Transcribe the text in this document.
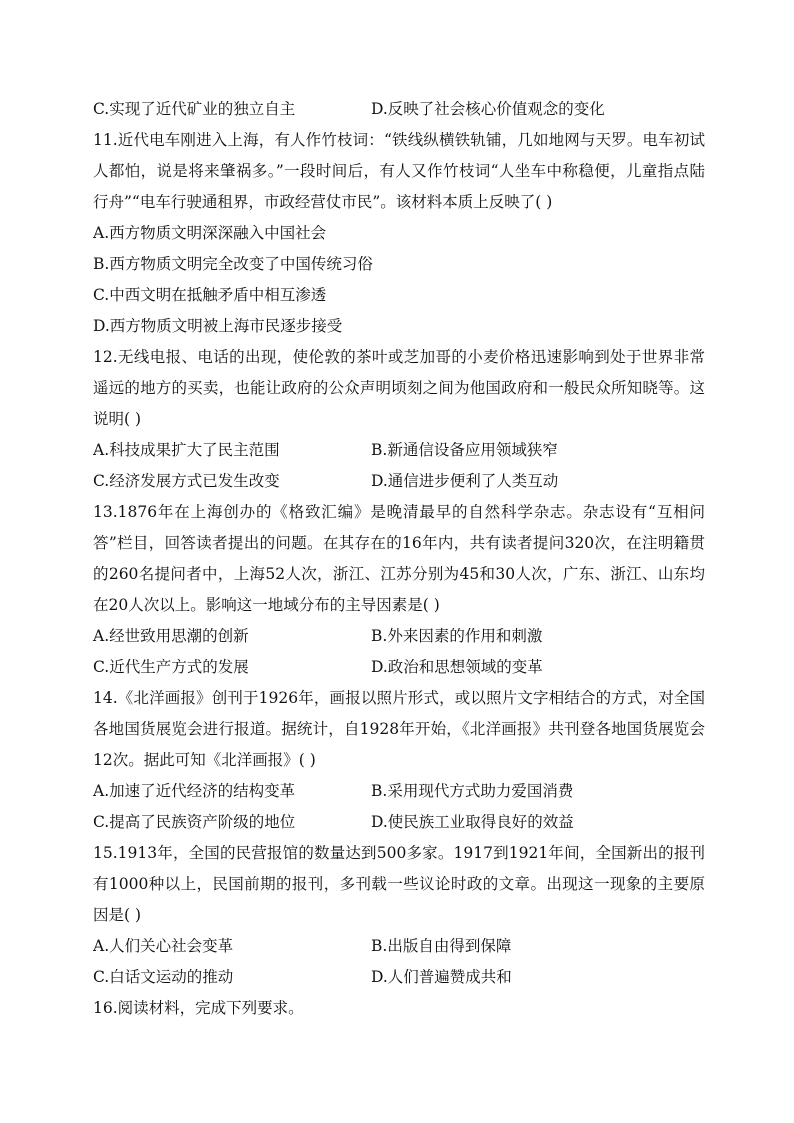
C.实现了近代矿业的独立自主	D.反映了社会核心价值观念的变化
11.近代电车刚进入上海，有人作竹枝词：“铁线纵横铁轨铺，几如地网与天罗。电车初试人都怕，说是将来肇祸多。”一段时间后，有人又作竹枝词“人坐车中称稳便，儿童指点陆行舟”“电车行驶通租界，市政经营仗市民”。该材料本质上反映了( )
A.西方物质文明深深融入中国社会
B.西方物质文明完全改变了中国传统习俗
C.中西文明在抵触矛盾中相互渗透
D.西方物质文明被上海市民逐步接受
12.无线电报、电话的出现，使伦敦的茶叶或芝加哥的小麦价格迅速影响到处于世界非常遥远的地方的买卖，也能让政府的公众声明顷刻之间为他国政府和一般民众所知晓等。这说明( )
A.科技成果扩大了民主范围	B.新通信设备应用领域狭窄
C.经济发展方式已发生改变	D.通信进步便利了人类互动
13.1876年在上海创办的《格致汇编》是晚清最早的自然科学杂志。杂志设有“互相问答”栏目，回答读者提出的问题。在其存在的16年内，共有读者提问320次，在注明籍贯的260名提问者中，上海52人次，浙江、江苏分别为45和30人次，广东、浙江、山东均在20人次以上。影响这一地域分布的主导因素是( )
A.经世致用思潮的创新	B.外来因素的作用和刺激
C.近代生产方式的发展	D.政治和思想领域的变革
14.《北洋画报》创刊于1926年，画报以照片形式，或以照片文字相结合的方式，对全国各地国货展览会进行报道。据统计，自1928年开始，《北洋画报》共刊登各地国货展览会12次。据此可知《北洋画报》( )
A.加速了近代经济的结构变革	B.采用现代方式助力爱国消费
C.提高了民族资产阶级的地位	D.使民族工业取得良好的效益
15.1913年，全国的民营报馆的数量达到500多家。1917到1921年间，全国新出的报刊有1000种以上，民国前期的报刊，多刊载一些议论时政的文章。出现这一现象的主要原因是( )
A.人们关心社会变革	B.出版自由得到保障
C.白话文运动的推动	D.人们普遍赞成共和
16.阅读材料，完成下列要求。
